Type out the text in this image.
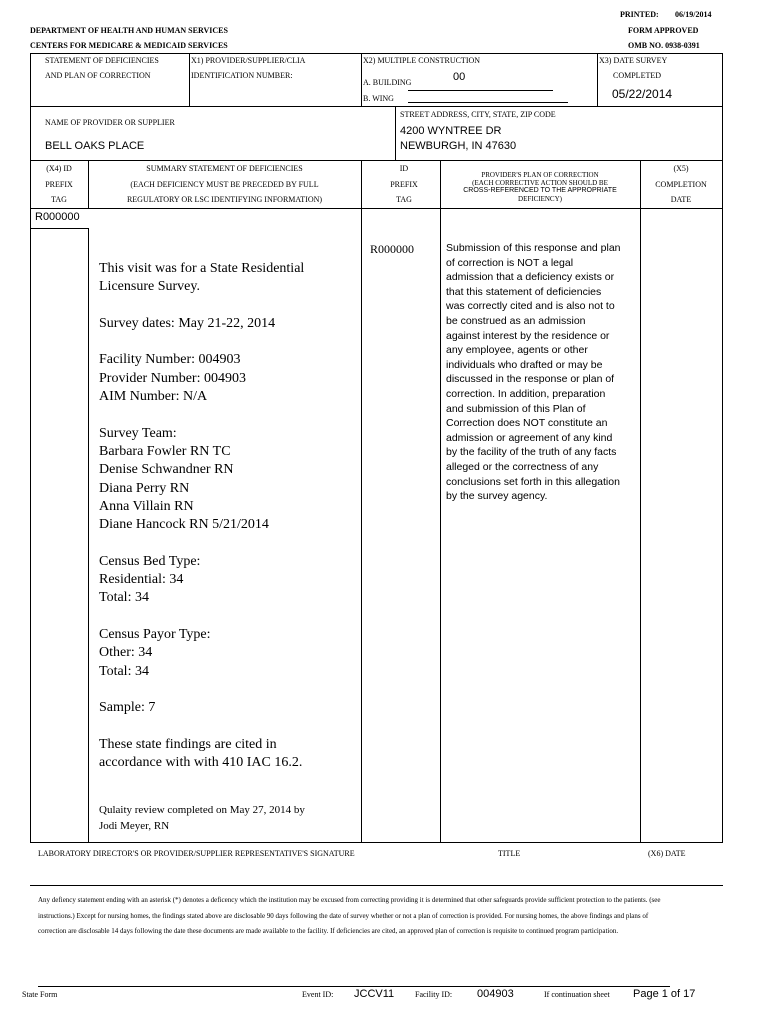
PRINTED: 06/19/2014
FORM APPROVED
OMB NO. 0938-0391
DEPARTMENT OF HEALTH AND HUMAN SERVICES
CENTERS FOR MEDICARE & MEDICAID SERVICES
STATEMENT OF DEFICIENCIES
AND PLAN OF CORRECTION
X1) PROVIDER/SUPPLIER/CLIA
IDENTIFICATION NUMBER:
X2) MULTIPLE CONSTRUCTION
A. BUILDING	00
B. WING
X3) DATE SURVEY
COMPLETED
05/22/2014
NAME OF PROVIDER OR SUPPLIER
BELL OAKS PLACE
STREET ADDRESS, CITY, STATE, ZIP CODE
4200 WYNTREE DR
NEWBURGH, IN 47630
(X4) ID
PREFIX
TAG
SUMMARY STATEMENT OF DEFICIENCIES
(EACH DEFICIENCY MUST BE PRECEDED BY FULL
REGULATORY OR LSC IDENTIFYING INFORMATION)
ID
PREFIX
TAG
PROVIDER'S PLAN OF CORRECTION
(EACH CORRECTIVE ACTION SHOULD BE
CROSS-REFERENCED TO THE APPROPRIATE
DEFICIENCY)
(X5)
COMPLETION
DATE
R000000
R000000
This visit was for a State Residential
Licensure Survey.

Survey dates: May 21-22, 2014

Facility Number: 004903
Provider Number: 004903
AIM Number: N/A

Survey Team:
Barbara Fowler RN TC
Denise Schwandner RN
Diana Perry RN
Anna Villain RN
Diane Hancock RN 5/21/2014

Census Bed Type:
Residential: 34
Total: 34

Census Payor Type:
Other: 34
Total: 34

Sample: 7

These state findings are cited in
accordance with with 410 IAC 16.2.
Qulaity review completed on May 27, 2014 by
Jodi Meyer, RN
Submission of this response and plan of correction is NOT a legal admission that a deficiency exists or that this statement of deficiencies was correctly cited and is also not to be construed as an admission against interest by the residence or any employee, agents or other individuals who drafted or may be discussed in the response or plan of correction. In addition, preparation and submission of this Plan of Correction does NOT constitute an admission or agreement of any kind by the facility of the truth of any facts alleged or the correctness of any conclusions set forth in this allegation by the survey agency.
LABORATORY DIRECTOR'S OR PROVIDER/SUPPLIER REPRESENTATIVE'S SIGNATURE	TITLE	(X6) DATE
Any defiency statement ending with an asterisk (*) denotes a deficency which the institution may be excused from correcting providing it is determined that other safeguards provide sufficient protection to the patients. (see instructions.) Except for nursing homes, the findings stated above are disclosable 90 days following the date of survey whether or not a plan of correction is provided. For nursing homes, the above findings and plans of correction are disclosable 14 days following the date these documents are made available to the facility. If deficiencies are cited, an approved plan of correction is requisite to continued program participation.
State Form	Event ID: JCCV11	Facility ID: 004903	If continuation sheet Page 1 of 17
